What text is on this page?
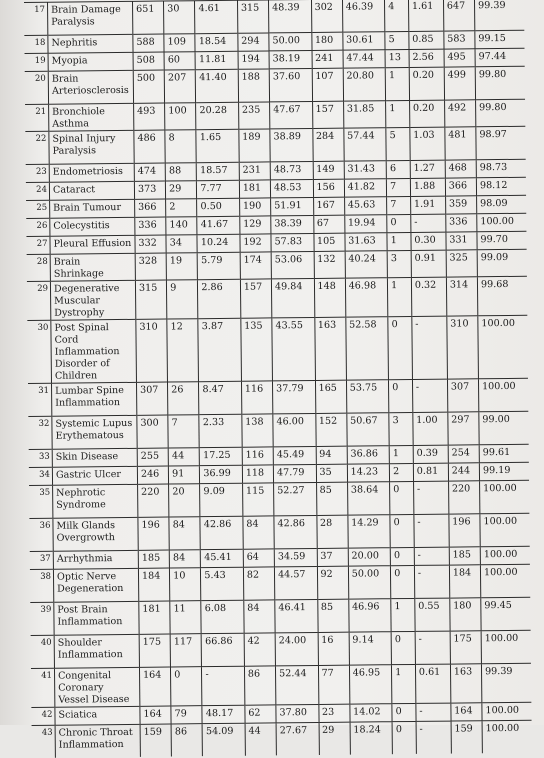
17	Brain Damage Paralysis	651	30	4.61	315	48.39	302	46.39	4	1.61	647	99.39
18	Nephritis	588	109	18.54	294	50.00	180	30.61	5	0.85	583	99.15
19	Myopia	508	60	11.81	194	38.19	241	47.44	13	2.56	495	97.44
20	Brain Arteriosclerosis	500	207	41.40	188	37.60	107	20.80	1	0.20	499	99.80
21	Bronchiole Asthma	493	100	20.28	235	47.67	157	31.85	1	0.20	492	99.80
22	Spinal Injury Paralysis	486	8	1.65	189	38.89	284	57.44	5	1.03	481	98.97
23	Endometriosis	474	88	18.57	231	48.73	149	31.43	6	1.27	468	98.73
24	Cataract	373	29	7.77	181	48.53	156	41.82	7	1.88	366	98.12
25	Brain Tumour	366	2	0.50	190	51.91	167	45.63	7	1.91	359	98.09
26	Colecystitis	336	140	41.67	129	38.39	67	19.94	0	-	336	100.00
27	Pleural Effusion	332	34	10.24	192	57.83	105	31.63	1	0.30	331	99.70
28	Brain Shrinkage	328	19	5.79	174	53.06	132	40.24	3	0.91	325	99.09
29	Degenerative Muscular Dystrophy	315	9	2.86	157	49.84	148	46.98	1	0.32	314	99.68
30	Post Spinal Cord Inflammation Disorder of Children	310	12	3.87	135	43.55	163	52.58	0	-	310	100.00
31	Lumbar Spine Inflammation	307	26	8.47	116	37.79	165	53.75	0	-	307	100.00
32	Systemic Lupus Erythematous	300	7	2.33	138	46.00	152	50.67	3	1.00	297	99.00
33	Skin Disease	255	44	17.25	116	45.49	94	36.86	1	0.39	254	99.61
34	Gastric Ulcer	246	91	36.99	118	47.79	35	14.23	2	0.81	244	99.19
35	Nephrotic Syndrome	220	20	9.09	115	52.27	85	38.64	0	-	220	100.00
36	Milk Glands Overgrowth	196	84	42.86	84	42.86	28	14.29	0	-	196	100.00
37	Arrhythmia	185	84	45.41	64	34.59	37	20.00	0	-	185	100.00
38	Optic Nerve Degeneration	184	10	5.43	82	44.57	92	50.00	0	-	184	100.00
39	Post Brain Inflammation	181	11	6.08	84	46.41	85	46.96	1	0.55	180	99.45
40	Shoulder Inflammation	175	117	66.86	42	24.00	16	9.14	0	-	175	100.00
41	Congenital Coronary Vessel Disease	164	0	-	86	52.44	77	46.95	1	0.61	163	99.39
42	Sciatica	164	79	48.17	62	37.80	23	14.02	0	-	164	100.00
43	Chronic Throat Inflammation	159	86	54.09	44	27.67	29	18.24	0	-	159	100.00
